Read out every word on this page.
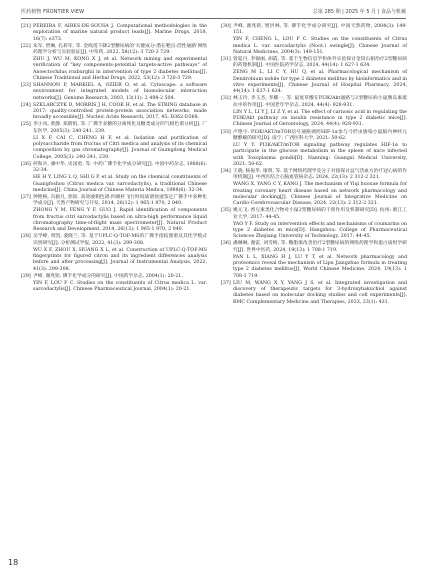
医药植物 FRONTIER VIEW	总第 285 期 | 2025 年 5 月 | 食品与机械
[21] PEREIRA F, AIRES-DE-SOUSA J. Computational methodologies in the exploration of marine natural product leads[J]. Marine Drugs, 2018, 16(7): e373.
[22] 朱军, 贾琳, 孔莉军, 等. 金线莲下降2型糖尿病的'关键成分-潜在靶点-活性通路'网络药理学分析与实验验证[J]. 中草药, 2022, 58(12): 3 720-3 729.
ZHU J, WU M, KONG X J, et al. Network mining and experimental verification of "key components-potential targets-active pathways" of Anoectochilus roxburghii in intervention of type 2 diabetes mellitus[J]. Chinese Traditional and Herbal Drugs, 2022, 53(12): 3 720-3 729.
[23] SHANNON P, MARKIEL A, OZIER O, et al. Cytoscape: a software environment for integrated models of biomolecular interaction networks[J]. Genome Research, 2003, 13(11): 2 498-2 504.
[24] SZKLARCZYK D, MORRIS J H, COOK H, et al. The STRING database in 2017: quality-controlled protein-protein association networks, made broadly accessible[J]. Nucleic Acids Research, 2017, 45: D362-D368.
[25] 李小凤, 黄静, 郑蔚绢, 等. 广佛手多糖的分离纯化及糖类成分的气相色谱分析[J]. 广东医学, 2005(3): 240-241, 239.
LI X F, CAI C, CHENG H F, et al. Isolation and purification of polysaccharide from fructus of Citri medica and analysis of its chemical composition by gas chromatography[J]. Journal of Guangdong Medical College, 2005(3): 240-241, 239.
[26] 何和兵, 潘中华, 史国勇, 等. 中药广佛手化学成分研究[J]. 中国中药杂志, 1988(6): 32-34.
HE H Y, LING L Q, SHI G P, et al. Study on the chemical constituents of Guangfoshou (Citrus medica var. sarcodactylis), a traditional Chinese medicine[J]. China Journal of Chinese Materia Medica, 1988(6): 32-34.
[27] 钟艳梅, 冯毅凡, 郭姣. 高效液相色谱-四极杆飞行时间质谱快速鉴定广佛手中多种化学成分[J]. 天然产物研究与开发, 2014, 26(12): 1 965-1 970, 2 040.
ZHONG Y M, FENG Y F, GUO J. Rapid identification of components from fructus citri sarcodactylis based on ultra-high performance liquid chromatography time-of-flight mass spectrometer[J]. Natural Product Research and Development, 2014, 26(12): 1 965-1 970, 2 040.
[28] 吴学峰, 周凯, 裴晓兰, 等. 基于UPLC-Q-TOF-MS的广佛手指纹图谱及其化学模式识别研究[J]. 分析测试学报, 2022, 41(3): 299-308.
WU X F, ZHOU X, HUANG X L, et al. Construction of UPLC-Q-TOF-MS fingerprints for figured citron and its ingredient differences analysis before and after processing[J]. Journal of Instrumental Analysis, 2022, 41(3): 299-308.
[29] 尹峰, 谢兆铭. 佛手化学成分的研究[J]. 中国药学杂志, 2004(1): 20-21.
YIN F, LOU F C. Studies on the constituents of Citrus medica L. var. sarcodactylis[J]. Chinese Pharmaceutical Journal, 2004(1): 20-21.
[30] 尹峰, 谢兆铭, 增洪林, 等. 佛手化学成分研究[J]. 中国天然药物, 2004(3): 149-151.
YIN F, CHENG L, LOU F C. Studies on the constituents of Citrus medica L. var. sarcodactylis (Noot.) swingle[J]. Chinese Journal of Natural Medicines, 2004(3): 149-151.
[31] 曾夏丹, 李锡丽, 胡霞, 等. 基于生物信息学和体外实验探讨金钗石斛治疗2型糖尿病的药理机制[J]. 中国医院药学杂志, 2024, 44(14): 1 627-1 634.
ZENG M L, LI C Y, HU Q, et al. Pharmacological mechanism of Dendrobium nobile for type 2 diabetes mellitus by bioinformatics and in vitro experiments[J]. Chinese Journal of Hospital Pharmacy, 2024, 44(14): 1 627-1 634.
[32] 林玉玲, 李玉杰, 李卿一, 等. 鼠尾草酸在PI3K/Akt通路与2型糖尿病小鼠胰岛素抵抗中的作用[J]. 中国老年学杂志, 2024, 44(4): 928-931.
LIN Y L, LI Y J, LI Z Y, et al. The effect of carnosic acid in regulating the PI3K/Akt pathway on insulin resistance in type 2 diabetic mice[J]. Chinese Journal of Gerontology, 2024, 44(4): 928-931.
[33] 卢艳宇. PI3K/AKT/mTOR信号通路调控HIF-1α参与弓形虫感染小鼠脑内神经元糖酵解的研究[D]. 南宁: 广西医科大学, 2021: 50-62.
LU Y Y. PI3K/AKT/mTOR signaling pathway regulates HIF-1α to participate in the glucose metabolism in the spleen of mice infected with Toxoplasma gondii[D]. Nanning: Guangxi Medical University, 2021: 50-62.
[34] 王晓, 杨振华, 康明, 等. 基于网络药理学及分子对接探讨益气活血方治疗冠心病的作用机制[J]. 中西医结合心脑血管病杂志, 2024, 22(13): 2 312-2 321.
WANG X, YANG C Y, KANG J. The mechanism of Yiqi huoxue formula for treating coronary heart disease based on network pharmacology and molecular docking[J]. Chinese Journal of Integrative Medicine on Cardio-Cerebrovascular Disease, 2024, 22(13): 2 312-2 321.
[35] 姚元飞. 香豆素类化合物对小鼠2型糖尿病的干预作用及机制研究[D]. 杭州: 浙江工业大学, 2017: 44-45.
YAO Y F. Study on intervention effects and mechanisms of coumarins on type 2 diabetes in mice[D]. Hangzhou: College of Pharmaceutical Sciences Zhejiang University of Technology, 2017: 44-45.
[36] 潘琳琳, 谢雷, 刘雪梅, 等. 糖脂康改善治疗2型糖尿病的网络药理学和蛋白质组学研究[J]. 世界中医药, 2024, 19(13): 1 708-1 719.
PAN L L, XIANG H J, LU Y T, et al. Network pharmacology and proteomics reveal the mechanism of Lipu Jiangzhuo formula in treating type 2 diabetes mellitus[J]. World Chinese Medicine, 2024, 19(13): 1 708-1 719.
[37] LIU M, WANG X Y, YANG J S, et al. Integrated investigation and discovery of therapeutic targets for 3-hydroxybakuchiol against diabetes based on molecular docking studies and cell experiments[J]. BMC Complementary Medicine and Therapies, 2023, 23(1): 431.
18
